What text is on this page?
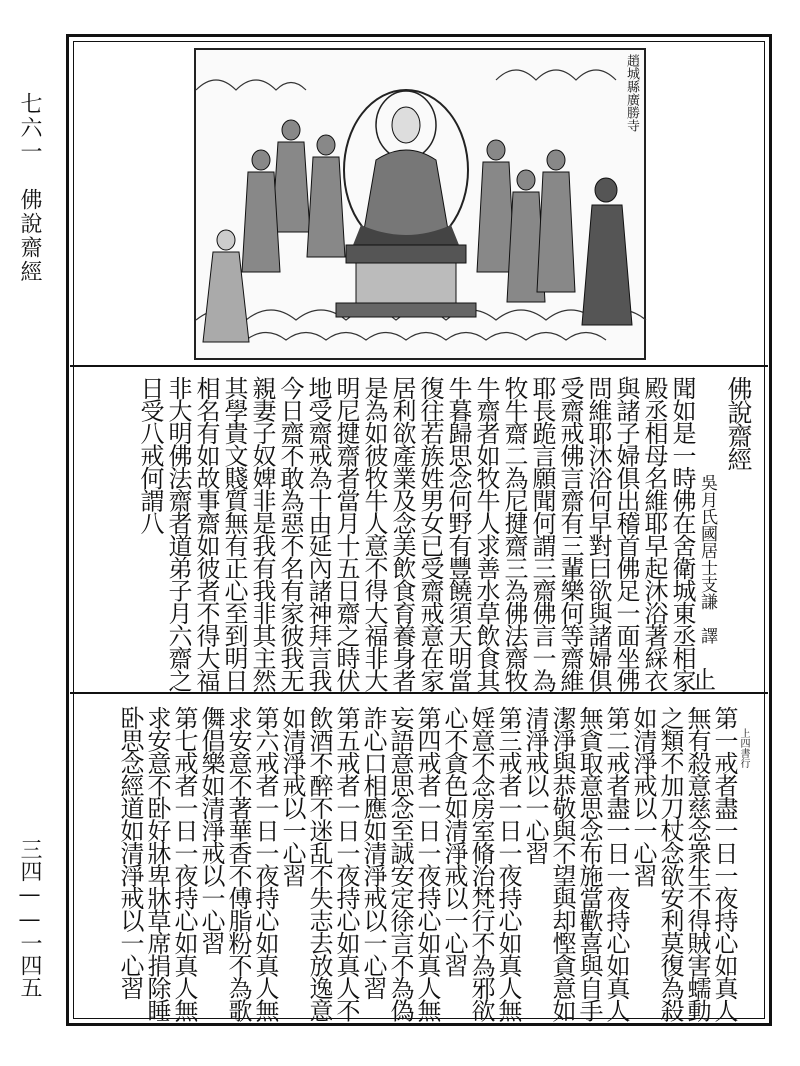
七六一　佛說齋經
三四——一四五
趙城縣廣勝寺
佛說齋經
吳月氏國居士支謙　譯
聞如是一時佛在舍衛城東丞相家
殿丞相母名維耶早起沐浴著綵衣
與諸子婦俱出稽首佛足一面坐佛
問維耶沐浴何早對曰欲與諸婦俱
受齋戒佛言齋有三輩樂何等齋維
耶長跪言願聞何謂三齋佛言一為
牧牛齋二為尼揵齋三為佛法齋牧
牛齋者如牧牛人求善水草飲食其
牛暮歸思念何野有豐饒須天明當
復往若族姓男女已受齋戒意在家
居利欲產業及念美飲食育養身者
是為如彼牧牛人意不得大福非大
明尼揵齋者當月十五日齋之時伏
地受齋戒為十由延內諸神拜言我
今日齋不敢為惡不名有家彼我无
親妻子奴婢非是我有我非其主然
其學貴文賤質無有正心至到明日
相名有如故事齋如彼者不得大福
非大明佛法齋者道弟子月六齋之
日受八戒何謂八
止
上四書行
第一戒者盡一日一夜持心如真人
無有殺意慈念衆生不得賊害蠕動
之類不加刀杖念欲安利莫復為殺
如清淨戒以一心習
第二戒者盡一日一夜持心如真人
無貪取意思念布施當歡喜與自手
潔淨與恭敬與不望與却慳貪意如
清淨戒以一心習
第三戒者一日一夜持心如真人無
婬意不念房室脩治梵行不為邪欲
心不貪色如清淨戒以一心習
第四戒者一日一夜持心如真人無
妄語意思念至誠安定徐言不為偽
詐心口相應如清淨戒以一心習
第五戒者一日一夜持心如真人不
飲酒不醉不迷乱不失志去放逸意
如清淨戒以一心習
第六戒者一日一夜持心如真人無
求安意不著華香不傅脂粉不為歌
儛倡樂如清淨戒以一心習
第七戒者一日一夜持心如真人無
求安意不卧好牀卑牀草席捐除睡
卧思念經道如清淨戒以一心習
